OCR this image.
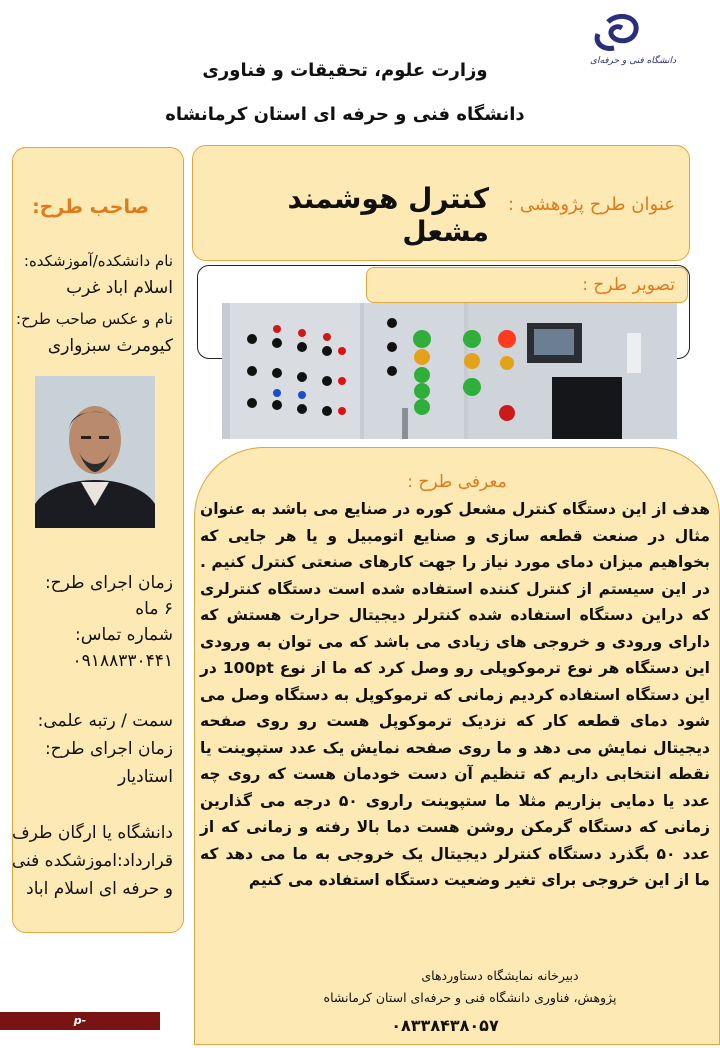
دانشگاه فنی و حرفه‌ای
وزارت علوم، تحقیقات و فناوری
دانشگاه فنی و حرفه ای استان کرمانشاه
صاحب طرح:
نام دانشکده/آموزشکده:
اسلام اباد غرب
نام و عکس صاحب طرح:
کیومرث سبزواری
زمان اجرای طرح:
۶ ماه
شماره تماس:
۰۹۱۸۸۳۳۰۴۴۱
سمت / رتبه علمی:
زمان اجرای طرح:
استادیار
دانشگاه یا ارگان طرف
قرارداد:اموزشکده فنی
و حرفه ای اسلام اباد
عنوان طرح پژوهشی :
کنترل هوشمند مشعل
تصویر طرح :
معرفی طرح :
هدف از این دستگاه کنترل مشعل کوره در صنایع می باشد به عنوان مثال در صنعت قطعه سازی و صنایع اتومبیل و یا هر جایی که بخواهیم میزان دمای مورد نیاز را جهت کارهای صنعتی کنترل کنیم . در این سیستم از کنترل کننده استفاده شده است دستگاه کنترلری که دراین دستگاه استفاده شده کنترلر دیجیتال حرارت هستش که دارای ورودی و خروجی های زیادی می باشد که می توان به ورودی این دستگاه هر نوع ترموکوپلی رو وصل کرد که ما از نوع 100pt در این دستگاه استفاده کردیم زمانی که ترموکوپل به دستگاه وصل می شود دمای قطعه کار که نزدیک ترموکوپل هست رو روی صفحه دیجیتال نمایش می دهد و ما روی صفحه نمایش یک عدد ستپوینت یا نقطه انتخابی داریم که تنظیم آن دست خودمان هست که روی چه عدد یا دمایی بزاریم مثلا ما ستپوینت راروی ۵۰ درجه می گذارین زمانی که دستگاه گرمکن روشن هست دما بالا رفته و زمانی که از عدد ۵۰ بگذرد دستگاه کنترلر دیجیتال یک خروجی به ما می دهد که ما از این خروجی برای تغیر وضعیت دستگاه استفاده می کنیم
دبیرخانه نمایشگاه دستاوردهای
پژوهش، فناوری دانشگاه فنی و حرفه‌ای استان کرمانشاه
۰۸۳۳۸۴۳۸۰۵۷
p-islamabadgharb.tvu.ac.ir
